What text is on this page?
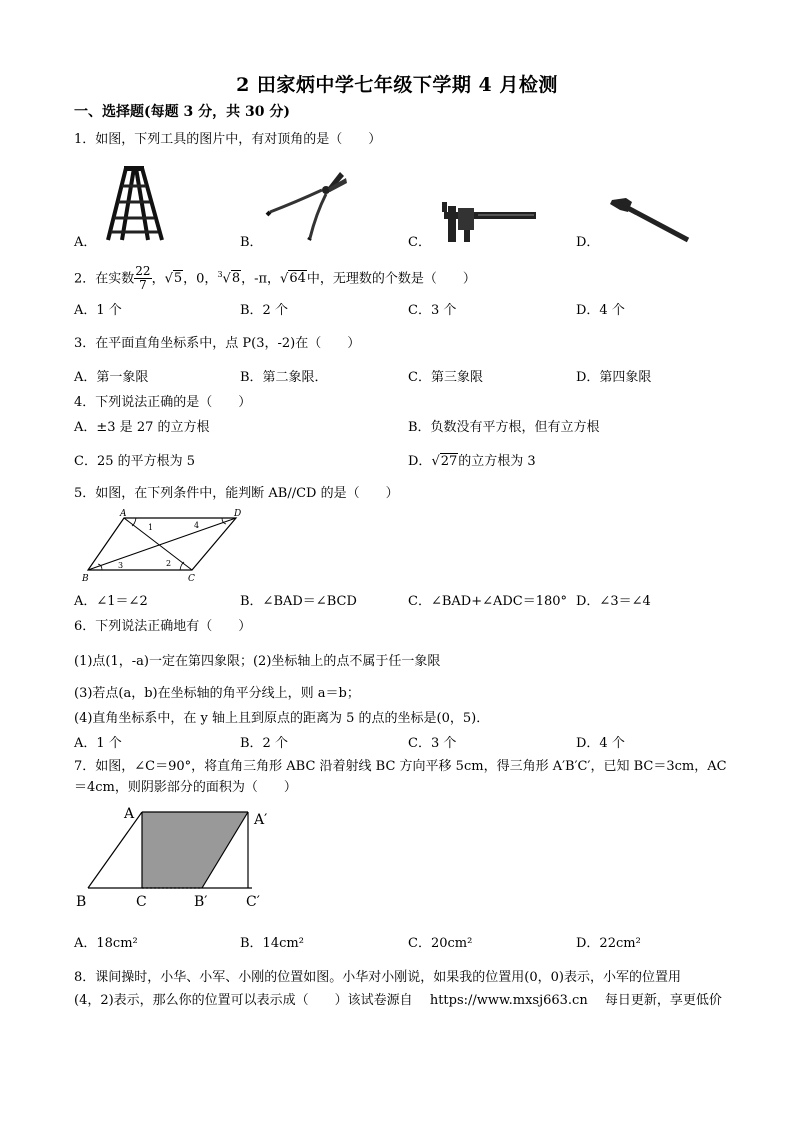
2 田家炳中学七年级下学期 4 月检测
一、选择题(每题 3 分，共 30 分)
1．如图，下列工具的图片中，有对顶角的是（　　）
A．	B．	C．	D．
2．在实数 $\frac{22}{7}$ ，√5，0，$^3$√8，-π，√64中，无理数的个数是（　　）
A．1 个	B．2 个	C．3 个	D．4 个
3．在平面直角坐标系中，点 P(3，-2)在（　　）
A．第一象限	B．第二象限．	C．第三象限	D．第四象限
4．下列说法正确的是（　　）
A．±3 是 27 的立方根	B．负数没有平方根，但有立方根
C．25 的平方根为 5	D．√27的立方根为 3
5．如图，在下列条件中，能判断 AB//CD 的是（　　）
A	D
B	C
1
2
3
4
A．∠1＝∠2	B．∠BAD＝∠BCD	C．∠BAD+∠ADC＝180° D．∠3＝∠4
6．下列说法正确地有（　　）
(1)点(1，-a)一定在第四象限；(2)坐标轴上的点不属于任一象限
(3)若点(a，b)在坐标轴的角平分线上，则 a＝b；
(4)直角坐标系中，在 y 轴上且到原点的距离为 5 的点的坐标是(0，5)．
A．1 个	B．2 个	C．3 个	D．4 个
7．如图，∠C＝90°，将直角三角形 ABC 沿着射线 BC 方向平移 5cm，得三角形 A′B′C′，已知 BC＝3cm，AC
＝4cm，则阴影部分的面积为（　　）
A	A′
B	C	B′	C′
A．18cm²	B．14cm²	C．20cm²	D．22cm²
8．课间操时，小华、小军、小刚的位置如图。小华对小刚说，如果我的位置用(0，0)表示，小军的位置用
(4，2)表示，那么你的位置可以表示成（　　）该试卷源自　 https://www.mxsj663.cn　 每日更新，享更低价
